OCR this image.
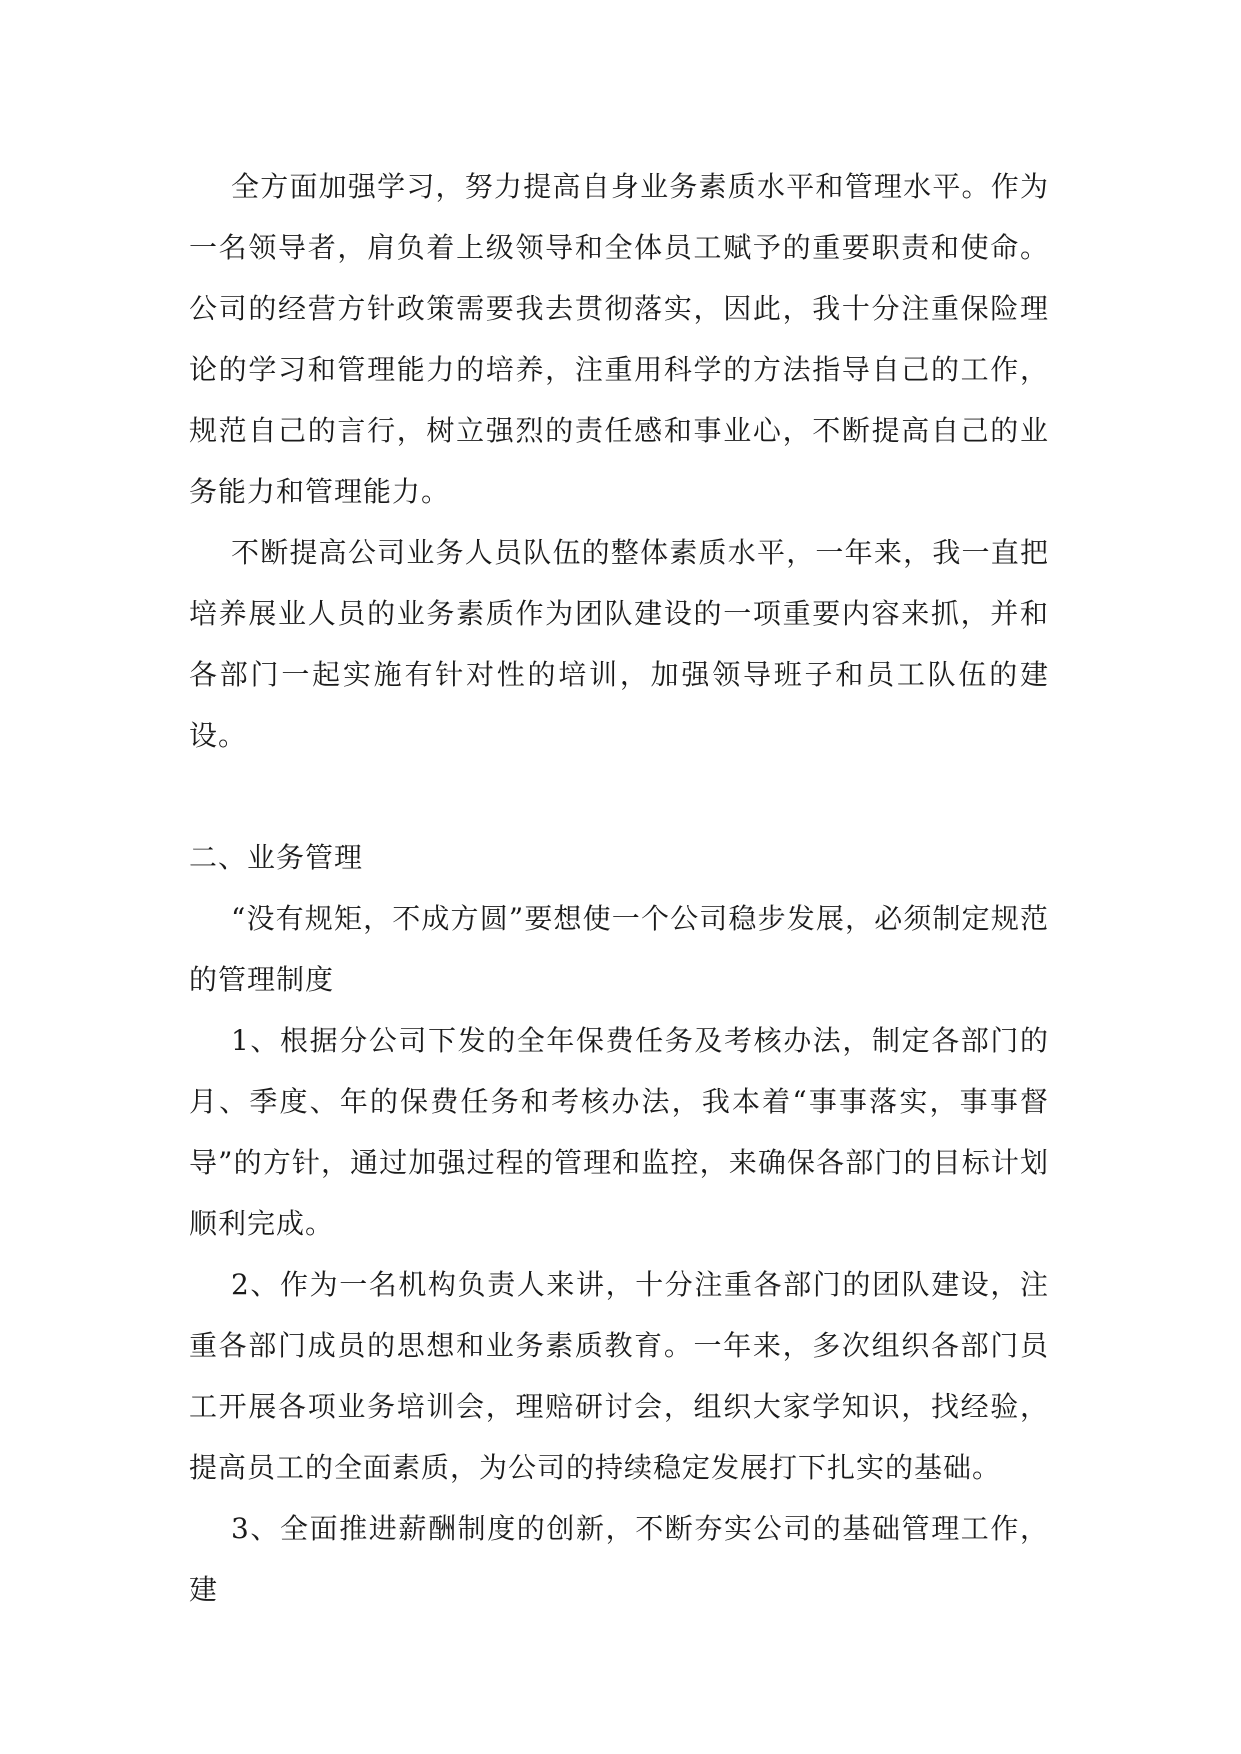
全方面加强学习，努力提高自身业务素质水平和管理水平。作为一名领导者，肩负着上级领导和全体员工赋予的重要职责和使命。公司的经营方针政策需要我去贯彻落实，因此，我十分注重保险理论的学习和管理能力的培养，注重用科学的方法指导自己的工作，规范自己的言行，树立强烈的责任感和事业心，不断提高自己的业务能力和管理能力。

不断提高公司业务人员队伍的整体素质水平，一年来，我一直把培养展业人员的业务素质作为团队建设的一项重要内容来抓，并和各部门一起实施有针对性的培训，加强领导班子和员工队伍的建设。

二、业务管理

“没有规矩，不成方圆”要想使一个公司稳步发展，必须制定规范的管理制度

1、根据分公司下发的全年保费任务及考核办法，制定各部门的月、季度、年的保费任务和考核办法，我本着“事事落实，事事督导”的方针，通过加强过程的管理和监控，来确保各部门的目标计划顺利完成。

2、作为一名机构负责人来讲，十分注重各部门的团队建设，注重各部门成员的思想和业务素质教育。一年来，多次组织各部门员工开展各项业务培训会，理赔研讨会，组织大家学知识，找经验，提高员工的全面素质，为公司的持续稳定发展打下扎实的基础。

3、全面推进薪酬制度的创新，不断夯实公司的基础管理工作，建
